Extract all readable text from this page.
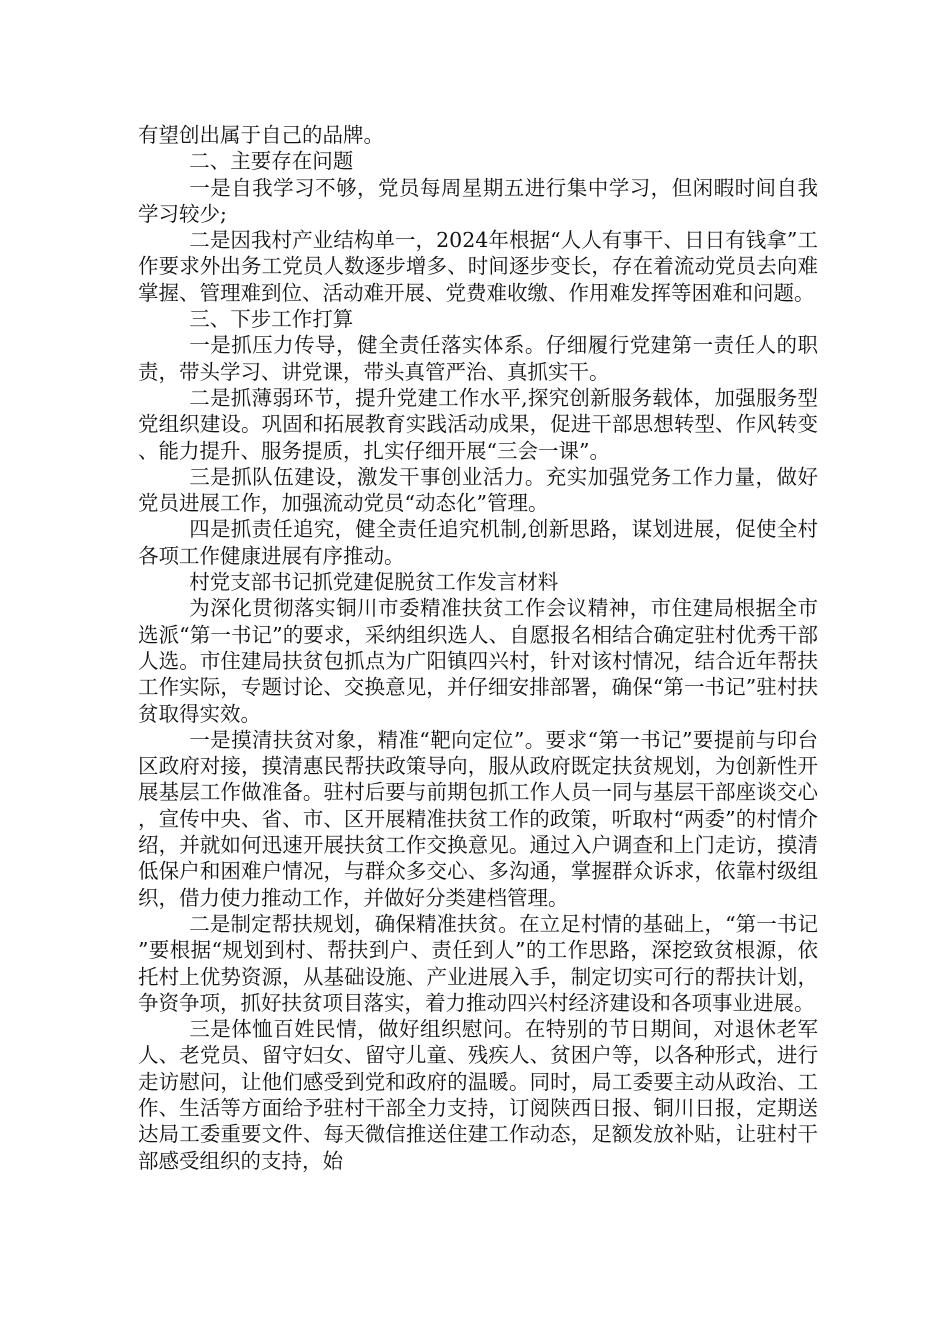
有望创出属于自己的品牌。

二、主要存在问题

一是自我学习不够，党员每周星期五进行集中学习，但闲暇时间自我学习较少;

二是因我村产业结构单一，2024年根据“人人有事干、日日有钱拿”工作要求外出务工党员人数逐步增多、时间逐步变长，存在着流动党员去向难掌握、管理难到位、活动难开展、党费难收缴、作用难发挥等困难和问题。

三、下步工作打算

一是抓压力传导，健全责任落实体系。仔细履行党建第一责任人的职责，带头学习、讲党课，带头真管严治、真抓实干。

二是抓薄弱环节，提升党建工作水平,探究创新服务载体，加强服务型党组织建设。巩固和拓展教育实践活动成果，促进干部思想转型、作风转变、能力提升、服务提质，扎实仔细开展“三会一课”。

三是抓队伍建设，激发干事创业活力。充实加强党务工作力量，做好党员进展工作，加强流动党员“动态化”管理。

四是抓责任追究，健全责任追究机制,创新思路，谋划进展，促使全村各项工作健康进展有序推动。

村党支部书记抓党建促脱贫工作发言材料

为深化贯彻落实铜川市委精准扶贫工作会议精神，市住建局根据全市选派“第一书记”的要求，采纳组织选人、自愿报名相结合确定驻村优秀干部人选。市住建局扶贫包抓点为广阳镇四兴村，针对该村情况，结合近年帮扶工作实际，专题讨论、交换意见，并仔细安排部署，确保“第一书记”驻村扶贫取得实效。

一是摸清扶贫对象，精准“靶向定位”。要求“第一书记”要提前与印台区政府对接，摸清惠民帮扶政策导向，服从政府既定扶贫规划，为创新性开展基层工作做准备。驻村后要与前期包抓工作人员一同与基层干部座谈交心，宣传中央、省、市、区开展精准扶贫工作的政策，听取村“两委”的村情介绍，并就如何迅速开展扶贫工作交换意见。通过入户调查和上门走访，摸清低保户和困难户情况，与群众多交心、多沟通，掌握群众诉求，依靠村级组织，借力使力推动工作，并做好分类建档管理。

二是制定帮扶规划，确保精准扶贫。在立足村情的基础上，“第一书记”要根据“规划到村、帮扶到户、责任到人”的工作思路，深挖致贫根源，依托村上优势资源，从基础设施、产业进展入手，制定切实可行的帮扶计划，争资争项，抓好扶贫项目落实，着力推动四兴村经济建设和各项事业进展。

三是体恤百姓民情，做好组织慰问。在特别的节日期间，对退休老军人、老党员、留守妇女、留守儿童、残疾人、贫困户等，以各种形式，进行走访慰问，让他们感受到党和政府的温暖。同时，局工委要主动从政治、工作、生活等方面给予驻村干部全力支持，订阅陕西日报、铜川日报，定期送达局工委重要文件、每天微信推送住建工作动态，足额发放补贴，让驻村干部感受组织的支持，始
